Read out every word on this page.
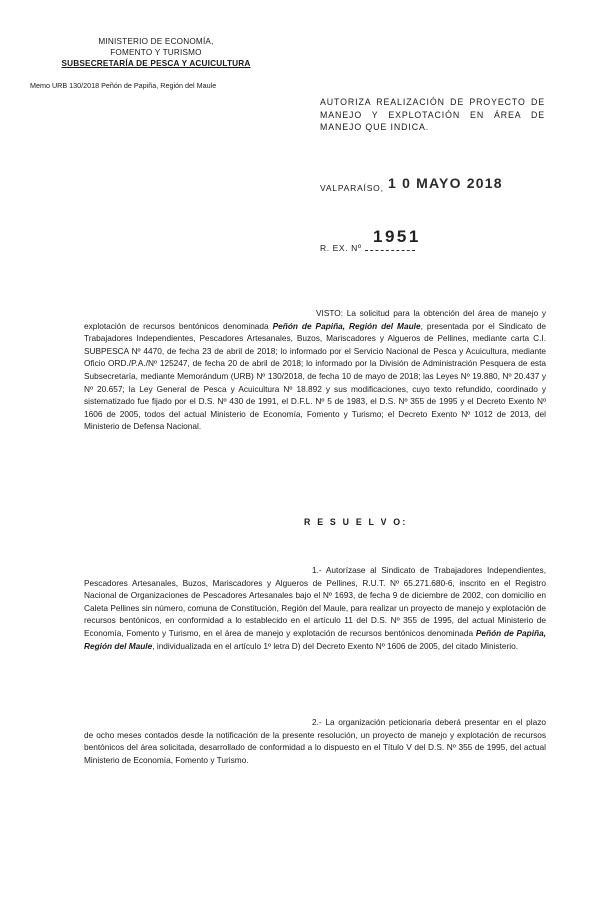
MINISTERIO DE ECONOMÍA,
FOMENTO Y TURISMO
SUBSECRETARÍA DE PESCA Y ACUICULTURA
Memo URB 130/2018 Peñón de Papiña, Región del Maule
AUTORIZA REALIZACIÓN DE PROYECTO DE MANEJO Y EXPLOTACIÓN EN ÁREA DE MANEJO QUE INDICA.
VALPARAÍSO, 1 0 MAYO 2018
R. EX. Nº
1951
VISTO: La solicitud para la obtención del área de manejo y explotación de recursos bentónicos denominada Peñón de Papiña, Región del Maule, presentada por el Sindicato de Trabajadores Independientes, Pescadores Artesanales, Buzos, Mariscadores y Algueros de Pellines, mediante carta C.I. SUBPESCA Nº 4470, de fecha 23 de abril de 2018; lo informado por el Servicio Nacional de Pesca y Acuicultura, mediante Oficio ORD./P.A./Nº 125247, de fecha 20 de abril de 2018; lo informado por la División de Administración Pesquera de esta Subsecretaría, mediante Memorándum (URB) Nº 130/2018, de fecha 10 de mayo de 2018; las Leyes Nº 19.880, Nº 20.437 y Nº 20.657; la Ley General de Pesca y Acuicultura Nº 18.892 y sus modificaciones, cuyo texto refundido, coordinado y sistematizado fue fijado por el D.S. Nº 430 de 1991, el D.F.L. Nº 5 de 1983, el D.S. Nº 355 de 1995 y el Decreto Exento Nº 1606 de 2005, todos del actual Ministerio de Economía, Fomento y Turismo; el Decreto Exento Nº 1012 de 2013, del Ministerio de Defensa Nacional.
R E S U E L V O:
1.- Autorízase al Sindicato de Trabajadores Independientes, Pescadores Artesanales, Buzos, Mariscadores y Algueros de Pellines, R.U.T. Nº 65.271.680-6, inscrito en el Registro Nacional de Organizaciones de Pescadores Artesanales bajo el Nº 1693, de fecha 9 de diciembre de 2002, con domicilio en Caleta Pellines sin número, comuna de Constitución, Región del Maule, para realizar un proyecto de manejo y explotación de recursos bentónicos, en conformidad a lo establecido en el artículo 11 del D.S. Nº 355 de 1995, del actual Ministerio de Economía, Fomento y Turismo, en el área de manejo y explotación de recursos bentónicos denominada Peñón de Papiña, Región del Maule, individualizada en el artículo 1º letra D) del Decreto Exento Nº 1606 de 2005, del citado Ministerio.
2.- La organización peticionaria deberá presentar en el plazo de ocho meses contados desde la notificación de la presente resolución, un proyecto de manejo y explotación de recursos bentónicos del área solicitada, desarrollado de conformidad a lo dispuesto en el Título V del D.S. Nº 355 de 1995, del actual Ministerio de Economía, Fomento y Turismo.
